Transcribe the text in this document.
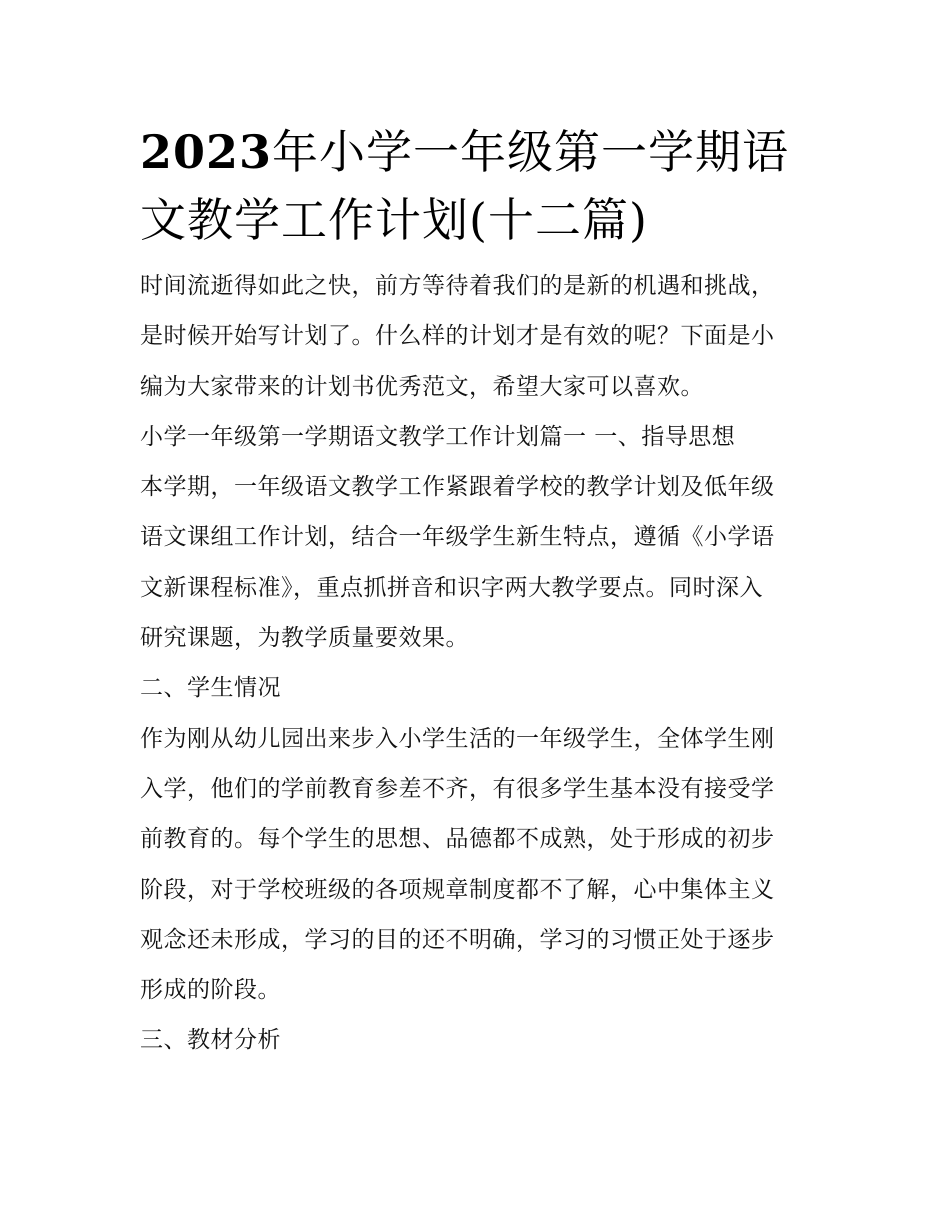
2023年小学一年级第一学期语
文教学工作计划(十二篇)
时间流逝得如此之快，前方等待着我们的是新的机遇和挑战，
是时候开始写计划了。什么样的计划才是有效的呢？下面是小
编为大家带来的计划书优秀范文，希望大家可以喜欢。
小学一年级第一学期语文教学工作计划篇一 一、指导思想
本学期，一年级语文教学工作紧跟着学校的教学计划及低年级
语文课组工作计划，结合一年级学生新生特点，遵循《小学语
文新课程标准》，重点抓拼音和识字两大教学要点。同时深入
研究课题，为教学质量要效果。
二、学生情况
作为刚从幼儿园出来步入小学生活的一年级学生，全体学生刚
入学，他们的学前教育参差不齐，有很多学生基本没有接受学
前教育的。每个学生的思想、品德都不成熟，处于形成的初步
阶段，对于学校班级的各项规章制度都不了解，心中集体主义
观念还未形成，学习的目的还不明确，学习的习惯正处于逐步
形成的阶段。
三、教材分析
